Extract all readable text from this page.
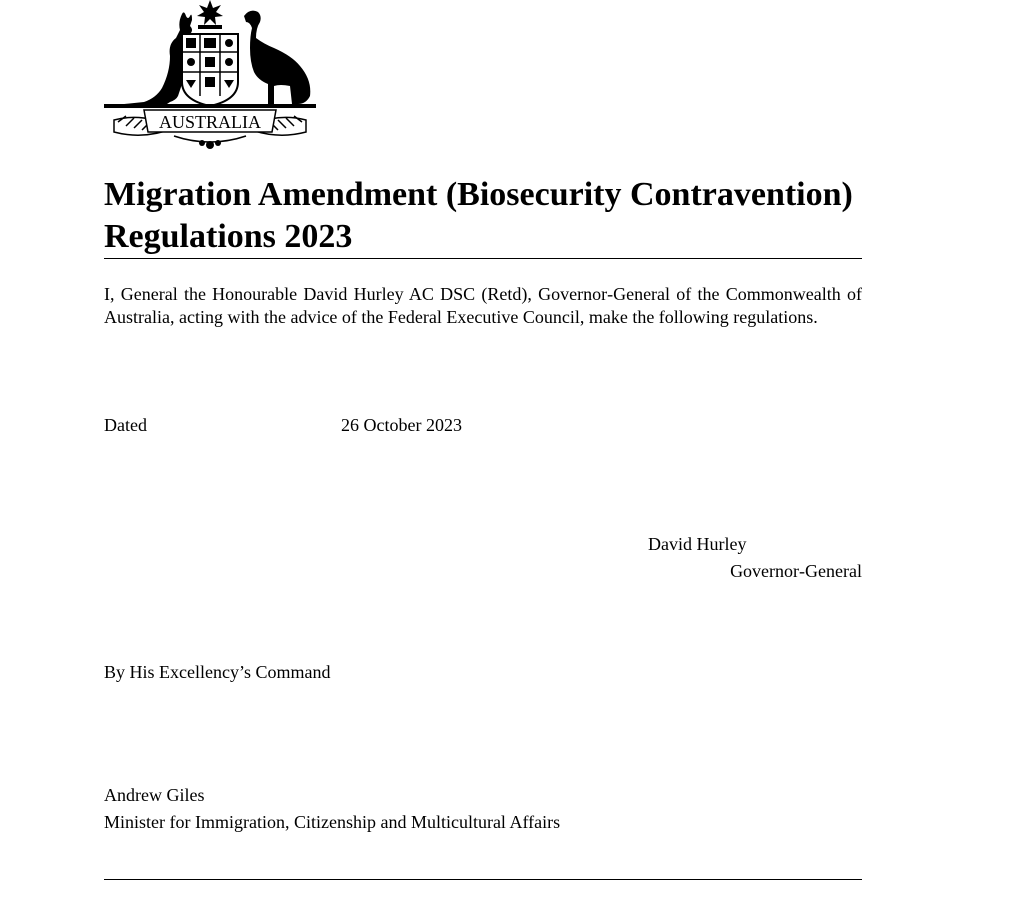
AUSTRALIA
Migration Amendment (Biosecurity Contravention)
Regulations 2023

I, General the Honourable David Hurley AC DSC (Retd), Governor‑General of the Commonwealth of Australia, acting with the advice of the Federal Executive Council, make the following regulations.

Dated	26 October 2023
David Hurley
Governor‑General
By His Excellency’s Command
Andrew Giles
Minister for Immigration, Citizenship and Multicultural Affairs
